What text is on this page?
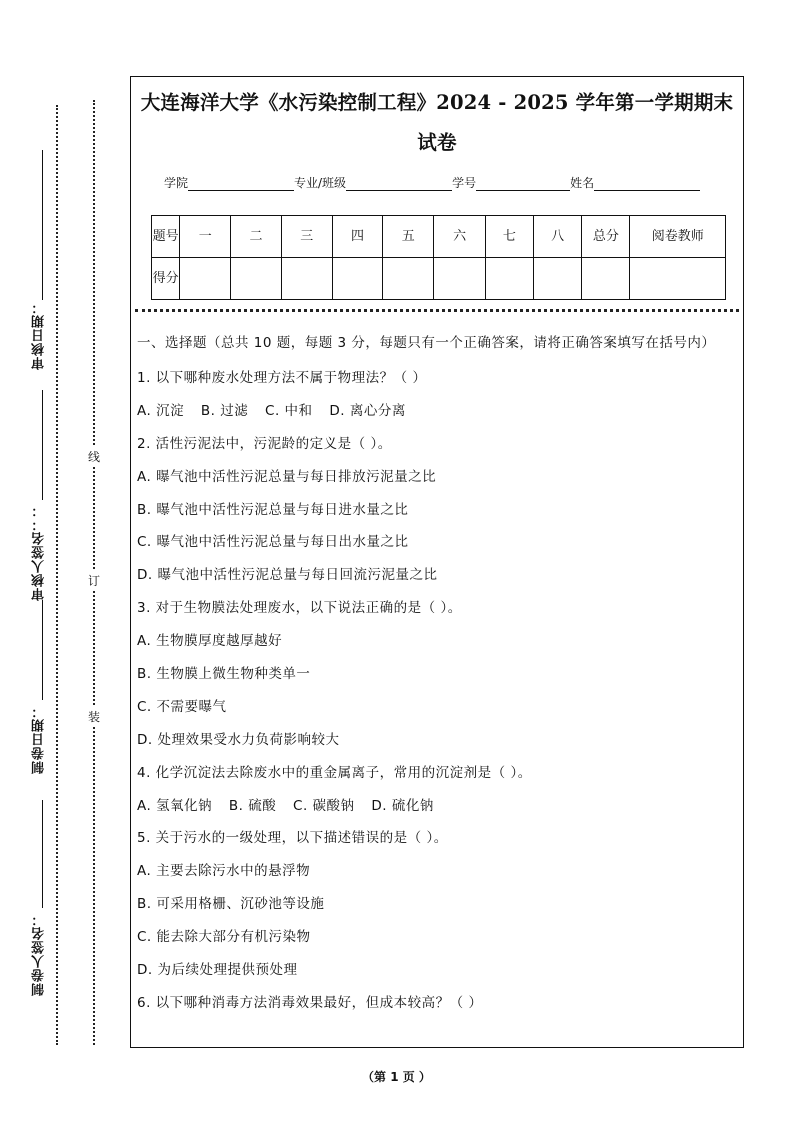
审核日期：
审核人签名：：
制卷日期：
制卷人签名：
线
订
装
大连海洋大学《水污染控制工程》2024 - 2025 学年第一学期期末
试卷
学院	专业/班级	学号	姓名
题号	一	二	三	四	五	六	七	八	总分	阅卷教师
得分										
一、选择题（总共 10 题，每题 3 分，每题只有一个正确答案，请将正确答案填写在括号内）
1. 以下哪种废水处理方法不属于物理法？（ ）
A. 沉淀 B. 过滤 C. 中和 D. 离心分离
2. 活性污泥法中，污泥龄的定义是（ ）。
A. 曝气池中活性污泥总量与每日排放污泥量之比
B. 曝气池中活性污泥总量与每日进水量之比
C. 曝气池中活性污泥总量与每日出水量之比
D. 曝气池中活性污泥总量与每日回流污泥量之比
3. 对于生物膜法处理废水，以下说法正确的是（ ）。
A. 生物膜厚度越厚越好
B. 生物膜上微生物种类单一
C. 不需要曝气
D. 处理效果受水力负荷影响较大
4. 化学沉淀法去除废水中的重金属离子，常用的沉淀剂是（ ）。
A. 氢氧化钠 B. 硫酸 C. 碳酸钠 D. 硫化钠
5. 关于污水的一级处理，以下描述错误的是（ ）。
A. 主要去除污水中的悬浮物
B. 可采用格栅、沉砂池等设施
C. 能去除大部分有机污染物
D. 为后续处理提供预处理
6. 以下哪种消毒方法消毒效果最好，但成本较高？（ ）
（第 1 页 ）
